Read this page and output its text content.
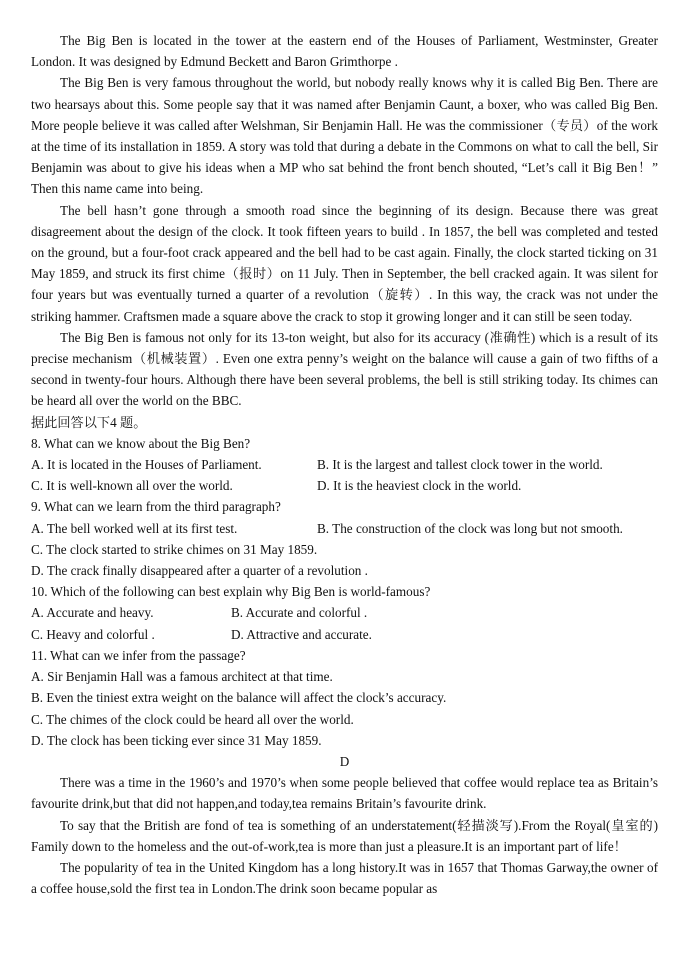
The Big Ben is located in the tower at the eastern end of the Houses of Parliament, Westminster, Greater London. It was designed by Edmund Beckett and Baron Grimthorpe .

The Big Ben is very famous throughout the world, but nobody really knows why it is called Big Ben. There are two hearsays about this. Some people say that it was named after Benjamin Caunt, a boxer, who was called Big Ben. More people believe it was called after Welshman, Sir Benjamin Hall. He was the commissioner（专员）of the work at the time of its installation in 1859. A story was told that during a debate in the Commons on what to call the bell, Sir Benjamin was about to give his ideas when a MP who sat behind the front bench shouted, “Let’s call it Big Ben！” Then this name came into being.

The bell hasn’t gone through a smooth road since the beginning of its design. Because there was great disagreement about the design of the clock. It took fifteen years to build . In 1857, the bell was completed and tested on the ground, but a four-foot crack appeared and the bell had to be cast again. Finally, the clock started ticking on 31 May 1859, and struck its first chime（报时）on 11 July. Then in September, the bell cracked again. It was silent for four years but was eventually turned a quarter of a revolution（旋转）. In this way, the crack was not under the striking hammer. Craftsmen made a square above the crack to stop it growing longer and it can still be seen today.

The Big Ben is famous not only for its 13-ton weight, but also for its accuracy (准确性) which is a result of its precise mechanism（机械装置）. Even one extra penny’s weight on the balance will cause a gain of two fifths of a second in twenty-four hours. Although there have been several problems, the bell is still striking today. Its chimes can be heard all over the world on the BBC.

据此回答以下4 题。

8. What can we know about the Big Ben?

A. It is located in the Houses of Parliament.	B. It is the largest and tallest clock tower in the world.
C. It is well-known all over the world.	D. It is the heaviest clock in the world.

9. What can we learn from the third paragraph?

A. The bell worked well at its first test.	B. The construction of the clock was long but not smooth.

C. The clock started to strike chimes on 31 May 1859.

D. The crack finally disappeared after a quarter of a revolution .

10. Which of the following can best explain why Big Ben is world-famous?

A. Accurate and heavy.	B. Accurate and colorful .
C. Heavy and colorful .	D. Attractive and accurate.

11. What can we infer from the passage?

A. Sir Benjamin Hall was a famous architect at that time.

B. Even the tiniest extra weight on the balance will affect the clock’s accuracy.

C. The chimes of the clock could be heard all over the world.

D. The clock has been ticking ever since 31 May 1859.

D

There was a time in the 1960’s and 1970’s when some people believed that coffee would replace tea as Britain’s favourite drink,but that did not happen,and today,tea remains Britain’s favourite drink.

To say that the British are fond of tea is something of an understatement(轻描淡写).From the Royal(皇室的) Family down to the homeless and the out-of-work,tea is more than just a pleasure.It is an important part of life！

The popularity of tea in the United Kingdom has a long history.It was in 1657 that Thomas Garway,the owner of a coffee house,sold the first tea in London.The drink soon became popular as
